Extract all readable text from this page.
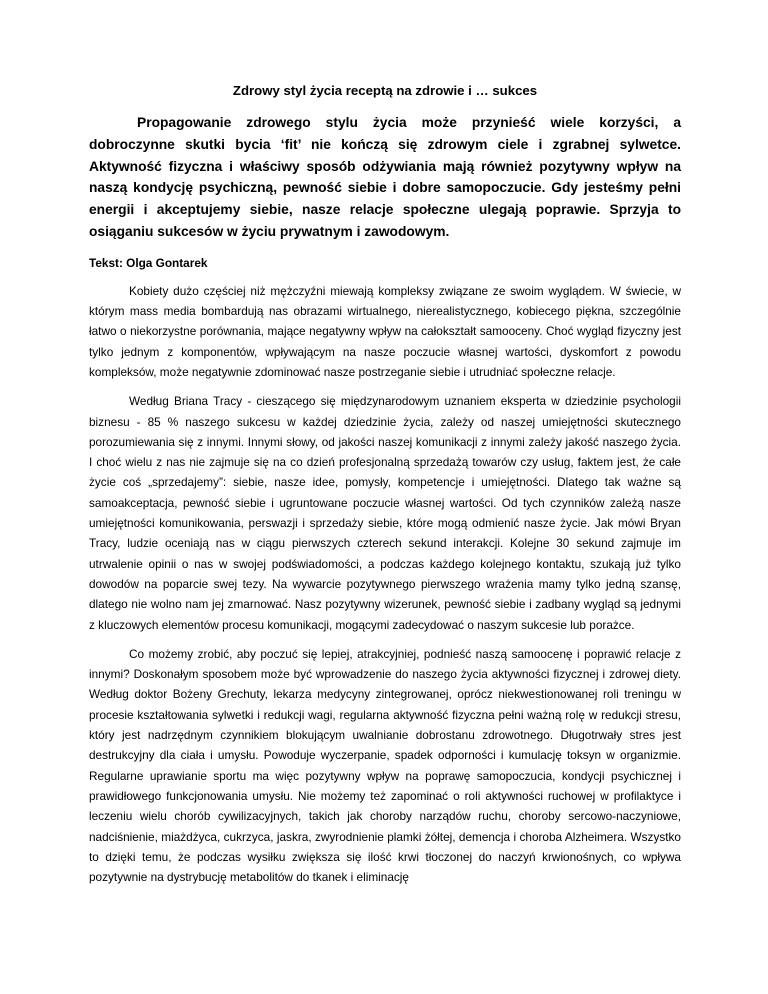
Zdrowy styl życia receptą na zdrowie i … sukces
Propagowanie zdrowego stylu życia może przynieść wiele korzyści, a dobroczynne skutki bycia ‘fit’ nie kończą się zdrowym ciele i zgrabnej sylwetce. Aktywność fizyczna i właściwy sposób odżywiania mają również pozytywny wpływ na naszą kondycję psychiczną, pewność siebie i dobre samopoczucie. Gdy jesteśmy pełni energii i akceptujemy siebie, nasze relacje społeczne ulegają poprawie. Sprzyja to osiąganiu sukcesów w życiu prywatnym i zawodowym.
Tekst: Olga Gontarek
Kobiety dużo częściej niż mężczyźni miewają kompleksy związane ze swoim wyglądem. W świecie, w którym mass media bombardują nas obrazami wirtualnego, nierealistycznego, kobiecego piękna, szczególnie łatwo o niekorzystne porównania, mające negatywny wpływ na całokształt samooceny. Choć wygląd fizyczny jest tylko jednym z komponentów, wpływającym na nasze poczucie własnej wartości, dyskomfort z powodu kompleksów, może negatywnie zdominować nasze postrzeganie siebie i utrudniać społeczne relacje.
Według Briana Tracy - cieszącego się międzynarodowym uznaniem eksperta w dziedzinie psychologii biznesu - 85 % naszego sukcesu w każdej dziedzinie życia, zależy od naszej umiejętności skutecznego porozumiewania się z innymi. Innymi słowy, od jakości naszej komunikacji z innymi zależy jakość naszego życia. I choć wielu z nas nie zajmuje się na co dzień profesjonalną sprzedażą towarów czy usług, faktem jest, że całe życie coś „sprzedajemy”: siebie, nasze idee, pomysły, kompetencje i umiejętności. Dlatego tak ważne są samoakceptacja, pewność siebie i ugruntowane poczucie własnej wartości. Od tych czynników zależą nasze umiejętności komunikowania, perswazji i sprzedaży siebie, które mogą odmienić nasze życie. Jak mówi Bryan Tracy, ludzie oceniają nas w ciągu pierwszych czterech sekund interakcji. Kolejne 30 sekund zajmuje im utrwalenie opinii o nas w swojej podświadomości, a podczas każdego kolejnego kontaktu, szukają już tylko dowodów na poparcie swej tezy. Na wywarcie pozytywnego pierwszego wrażenia mamy tylko jedną szansę, dlatego nie wolno nam jej zmarnować. Nasz pozytywny wizerunek, pewność siebie i zadbany wygląd są jednymi z kluczowych elementów procesu komunikacji, mogącymi zadecydować o naszym sukcesie lub porażce.
Co możemy zrobić, aby poczuć się lepiej, atrakcyjniej, podnieść naszą samoocenę i poprawić relacje z innymi? Doskonałym sposobem może być wprowadzenie do naszego życia aktywności fizycznej i zdrowej diety. Według doktor Bożeny Grechuty, lekarza medycyny zintegrowanej, oprócz niekwestionowanej roli treningu w procesie kształtowania sylwetki i redukcji wagi, regularna aktywność fizyczna pełni ważną rolę w redukcji stresu, który jest nadrzędnym czynnikiem blokującym uwalnianie dobrostanu zdrowotnego. Długotrwały stres jest destrukcyjny dla ciała i umysłu. Powoduje wyczerpanie, spadek odporności i kumulację toksyn w organizmie. Regularne uprawianie sportu ma więc pozytywny wpływ na poprawę samopoczucia, kondycji psychicznej i prawidłowego funkcjonowania umysłu. Nie możemy też zapominać o roli aktywności ruchowej w profilaktyce i leczeniu wielu chorób cywilizacyjnych, takich jak choroby narządów ruchu, choroby sercowo-naczyniowe, nadciśnienie, miażdżyca, cukrzyca, jaskra, zwyrodnienie plamki żółtej, demencja i choroba Alzheimera. Wszystko to dzięki temu, że podczas wysiłku zwiększa się ilość krwi tłoczonej do naczyń krwionośnych, co wpływa pozytywnie na dystrybucję metabolitów do tkanek i eliminację
